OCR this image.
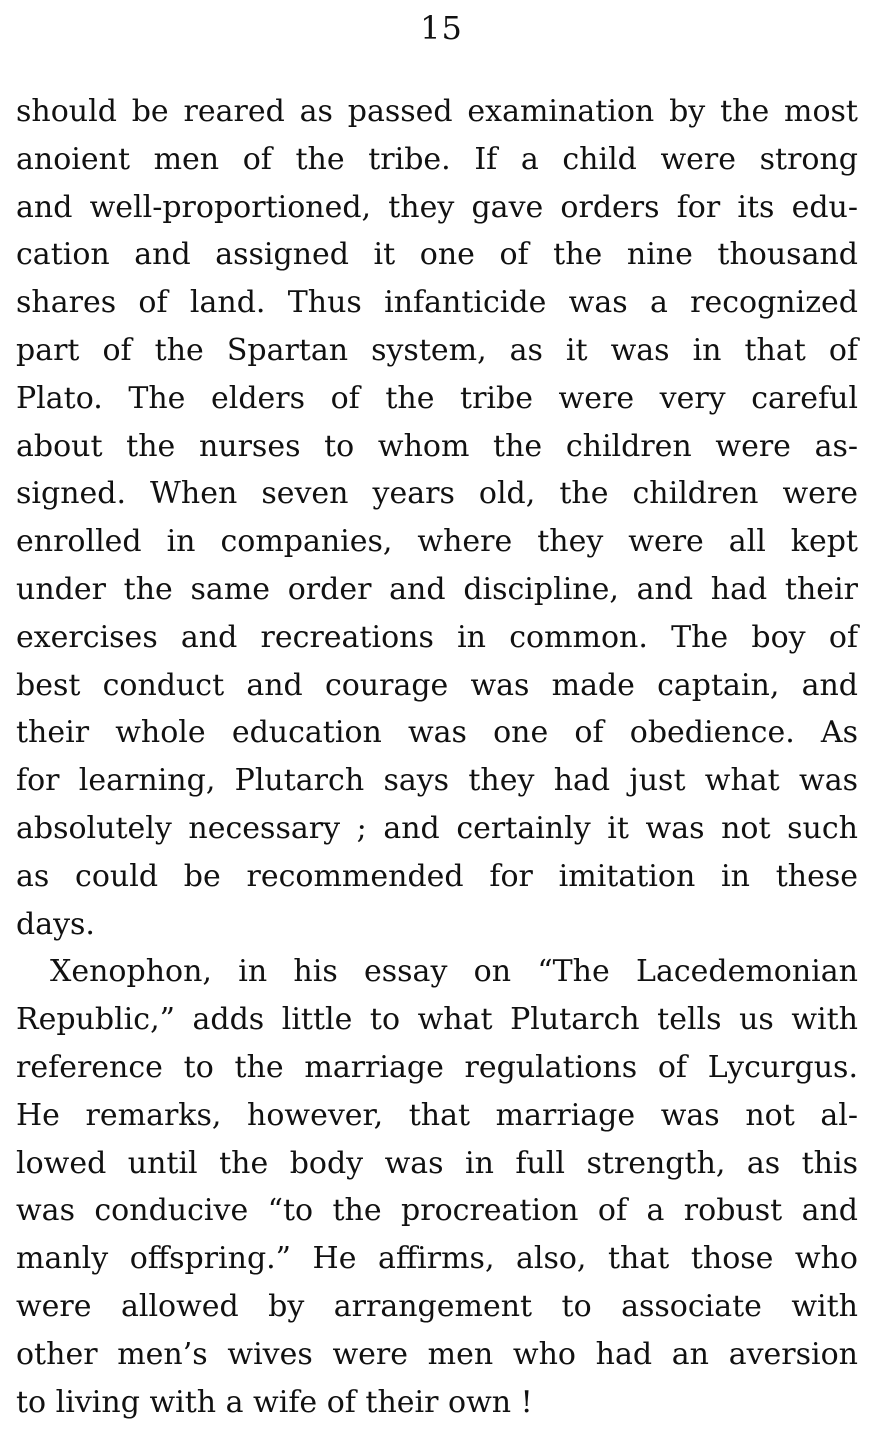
15
should be reared as passed examination by the most
anoient men of the tribe. If a child were strong
and well-proportioned, they gave orders for its edu-
cation and assigned it one of the nine thousand
shares of land. Thus infanticide was a recognized
part of the Spartan system, as it was in that of
Plato. The elders of the tribe were very careful
about the nurses to whom the children were as-
signed. When seven years old, the children were
enrolled in companies, where they were all kept
under the same order and discipline, and had their
exercises and recreations in common. The boy of
best conduct and courage was made captain, and
their whole education was one of obedience. As
for learning, Plutarch says they had just what was
absolutely necessary ; and certainly it was not such
as could be recommended for imitation in these
days.
Xenophon, in his essay on “The Lacedemonian
Republic,” adds little to what Plutarch tells us with
reference to the marriage regulations of Lycurgus.
He remarks, however, that marriage was not al-
lowed until the body was in full strength, as this
was conducive “to the procreation of a robust and
manly offspring.” He affirms, also, that those who
were allowed by arrangement to associate with
other men’s wives were men who had an aversion
to living with a wife of their own !
